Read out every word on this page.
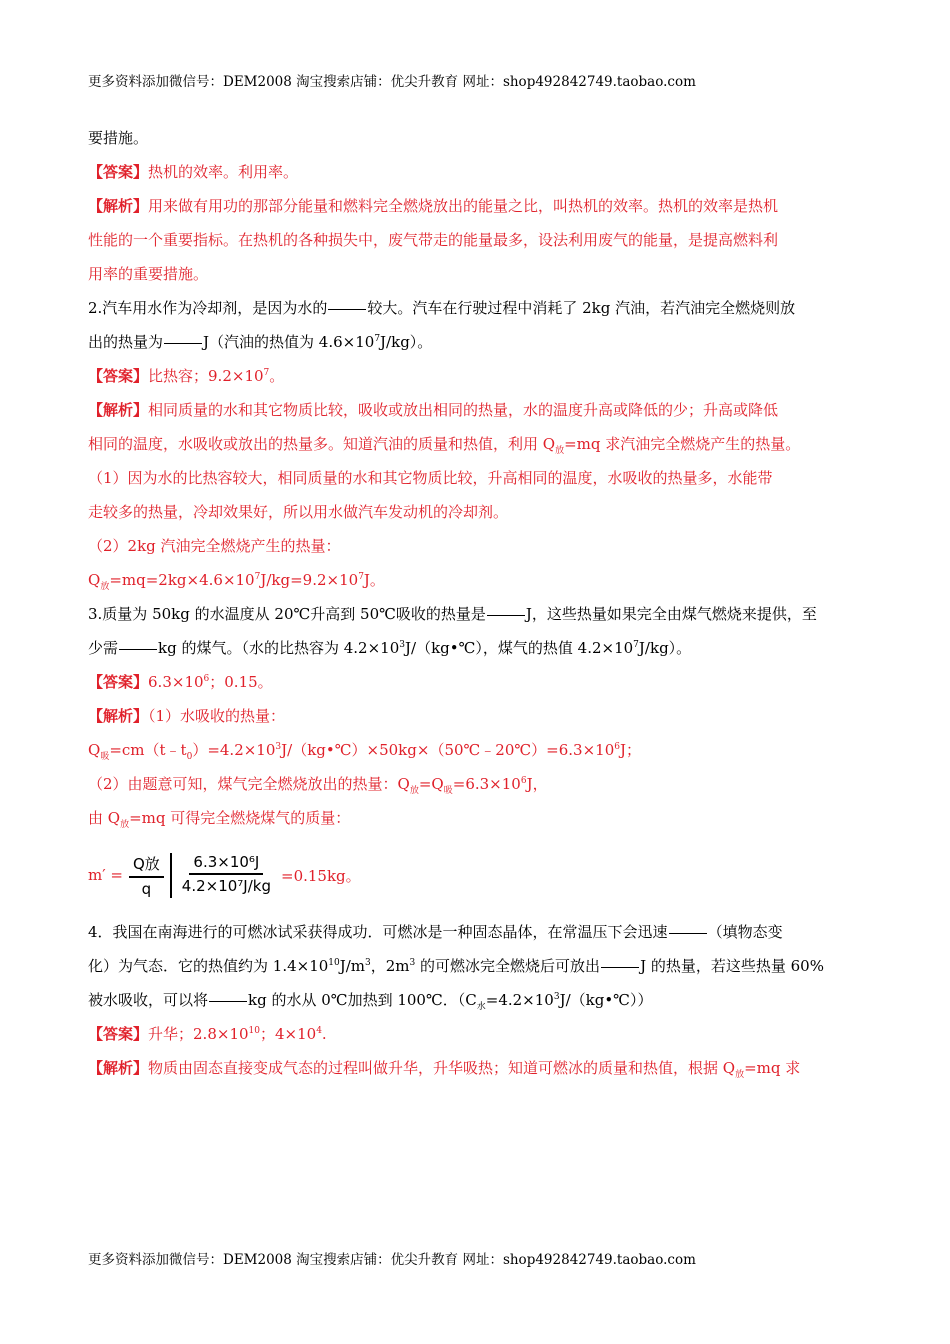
更多资料添加微信号：DEM2008 淘宝搜索店铺：优尖升教育 网址：shop492842749.taobao.com
要措施。
【答案】热机的效率。利用率。
【解析】用来做有用功的那部分能量和燃料完全燃烧放出的能量之比，叫热机的效率。热机的效率是热机
性能的一个重要指标。在热机的各种损失中，废气带走的能量最多，设法利用废气的能量，是提高燃料利
用率的重要措施。
2.汽车用水作为冷却剂，是因为水的	较大。汽车在行驶过程中消耗了 2kg 汽油，若汽油完全燃烧则放
出的热量为	J（汽油的热值为 $4.6\times 10^7J/kg$）。
【答案】比热容；$9.2\times 10^7$。
【解析】相同质量的水和其它物质比较，吸收或放出相同的热量，水的温度升高或降低的少；升高或降低
相同的温度，水吸收或放出的热量多。知道汽油的质量和热值，利用 $Q_放=mq$ 求汽油完全燃烧产生的热量。
（1）因为水的比热容较大，相同质量的水和其它物质比较，升高相同的温度，水吸收的热量多，水能带
走较多的热量，冷却效果好，所以用水做汽车发动机的冷却剂。
（2）2kg 汽油完全燃烧产生的热量：
$Q_放=mq=2kg\times 4.6\times 10^7J/kg=9.2\times 10^7J$。
3.质量为 50kg 的水温度从 20℃升高到 50℃吸收的热量是	J，这些热量如果完全由煤气燃烧来提供，至
少需	kg 的煤气。（水的比热容为 $4.2\times 10^3J/(kg•℃)$，煤气的热值 $4.2\times 10^7J/kg$）。
【答案】$6.3\times 10^6$；0.15。
【解析】（1）水吸收的热量：
$Q_吸=cm(t﹣t_0)=4.2\times 10^3J/(kg•℃)\times 50kg\times(50℃﹣20℃)=6.3\times 10^6J$；
（2）由题意可知，煤气完全燃烧放出的热量：$Q_放=Q_吸=6.3\times 10^6J$，
由 $Q_放=mq$ 可得完全燃烧煤气的质量：
$m' = \frac{\text{Q放}}{q} \frac{\text{6.3×10⁶J}}{\text{4.2×10⁷J/kg}} =0.15kg$。
4．我国在南海进行的可燃冰试采获得成功．可燃冰是一种固态晶体，在常温压下会迅速	（填物态变
化）为气态．它的热值约为 $1.4\times 10^{10}J/m^3$，$2m^3$ 的可燃冰完全燃烧后可放出	J 的热量，若这些热量 60%
被水吸收，可以将	kg 的水从 0℃加热到 100℃．$(C_水=4.2\times 10^3J/(kg•℃))$
【答案】升华；$2.8\times 10^{10}$；$4\times 10^4$.
【解析】物质由固态直接变成气态的过程叫做升华，升华吸热；知道可燃冰的质量和热值，根据 $Q_放=mq$ 求
更多资料添加微信号：DEM2008 淘宝搜索店铺：优尖升教育 网址：shop492842749.taobao.com
